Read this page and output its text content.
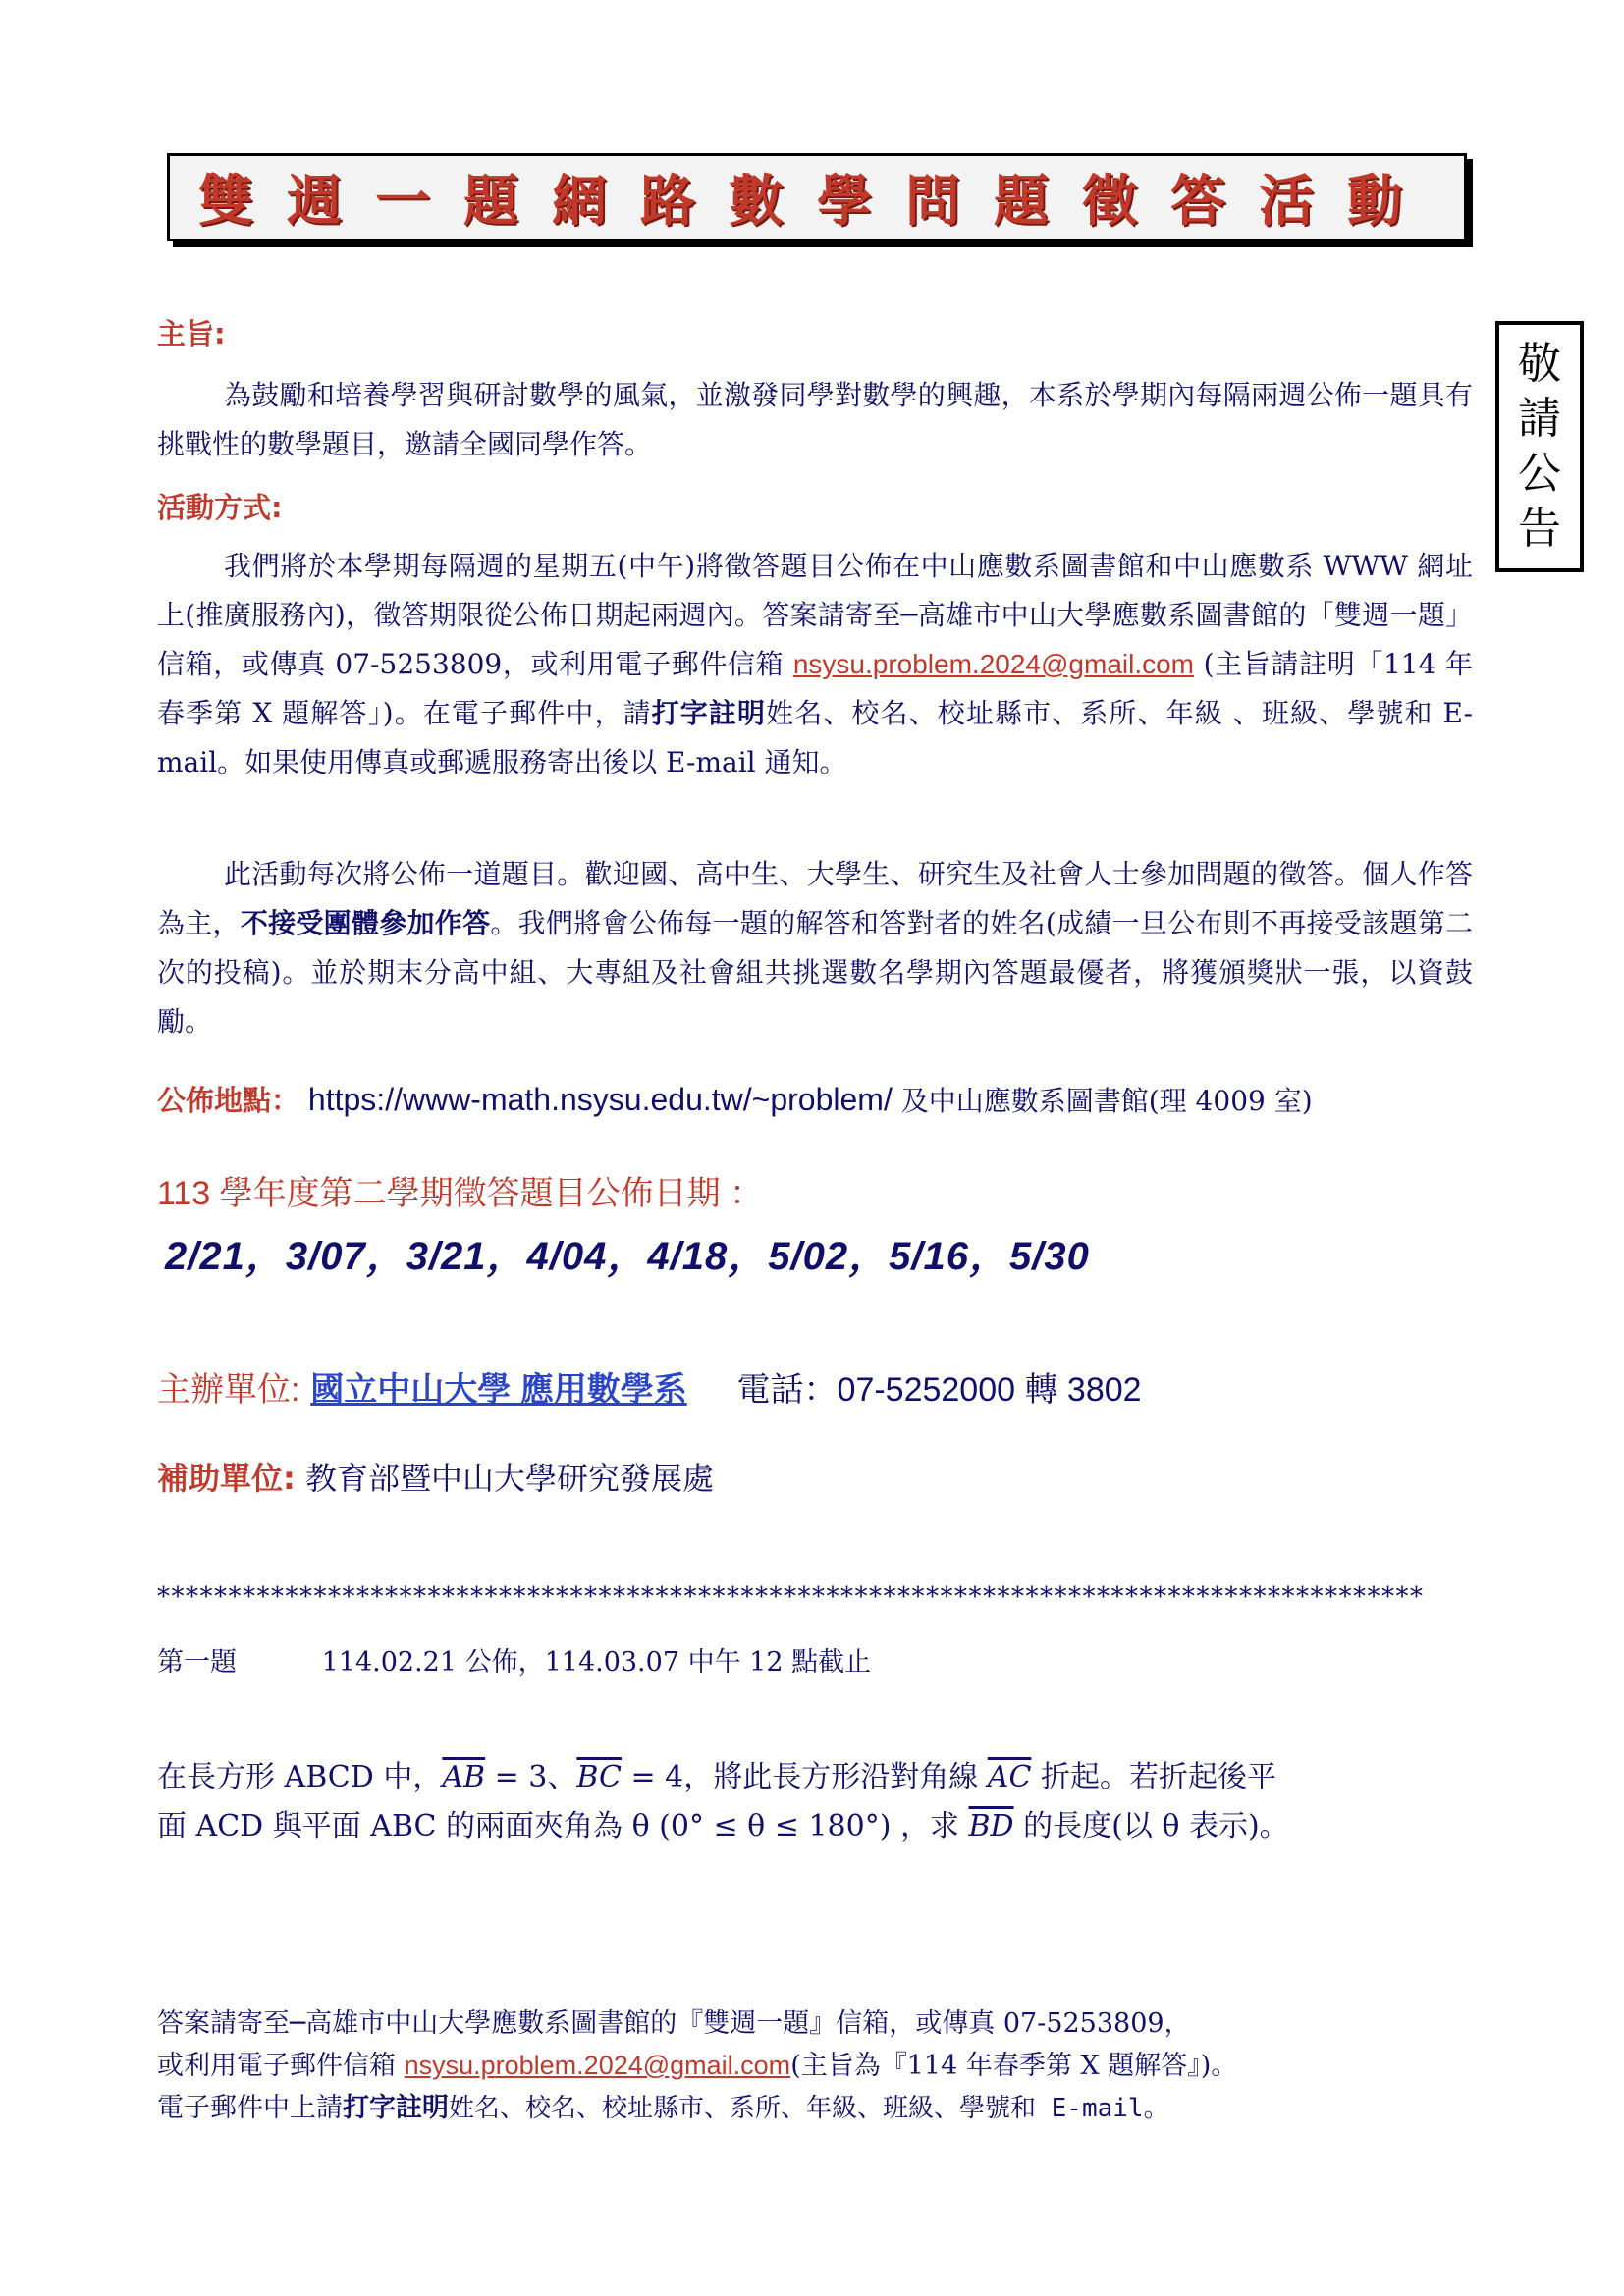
雙週一題網路數學問題徵答活動
敬
請
公
告
主旨:
為鼓勵和培養學習與研討數學的風氣，並激發同學對數學的興趣，本系於學期內每隔兩週公佈一題具有挑戰性的數學題目，邀請全國同學作答。
活動方式:
我們將於本學期每隔週的星期五(中午)將徵答題目公佈在中山應數系圖書館和中山應數系 WWW 網址上(推廣服務內)，徵答期限從公佈日期起兩週內。答案請寄至─高雄市中山大學應數系圖書館的「雙週一題」信箱，或傳真 07-5253809，或利用電子郵件信箱 nsysu.problem.2024@gmail.com (主旨請註明「114 年春季第 X 題解答」)。在電子郵件中，請打字註明姓名、校名、校址縣市、系所、年級 、班級、學號和 E-mail。如果使用傳真或郵遞服務寄出後以 E-mail 通知。
此活動每次將公佈一道題目。歡迎國、高中生、大學生、研究生及社會人士參加問題的徵答。個人作答為主，不接受團體參加作答。我們將會公佈每一題的解答和答對者的姓名(成績一旦公布則不再接受該題第二次的投稿)。並於期末分高中組、大專組及社會組共挑選數名學期內答題最優者，將獲頒獎狀一張，以資鼓勵。
公佈地點： https://www-math.nsysu.edu.tw/~problem/ 及中山應數系圖書館(理 4009 室)
113 學年度第二學期徵答題目公佈日期 ：
2/21，3/07，3/21，4/04，4/18，5/02，5/16，5/30
主辦單位: 國立中山大學 應用數學系 電話：07-5252000 轉 3802
補助單位: 教育部暨中山大學研究發展處
*****************************************************************************************
第一題	114.02.21 公佈，114.03.07 中午 12 點截止
在長方形 ABCD 中，$\overline{AB} = 3$、$\overline{BC} = 4$，將此長方形沿對角線 $\overline{AC}$ 折起。若折起後平
面 ACD 與平面 ABC 的兩面夾角為 θ (0° ≤ θ ≤ 180°) ，求 $\overline{BD}$ 的長度(以 θ 表示)。
答案請寄至─高雄市中山大學應數系圖書館的『雙週一題』信箱，或傳真 07-5253809，
或利用電子郵件信箱 nsysu.problem.2024@gmail.com(主旨為『114 年春季第 X 題解答』)。
電子郵件中上請打字註明姓名、校名、校址縣市、系所、年級、班級、學號和 E-mail。
